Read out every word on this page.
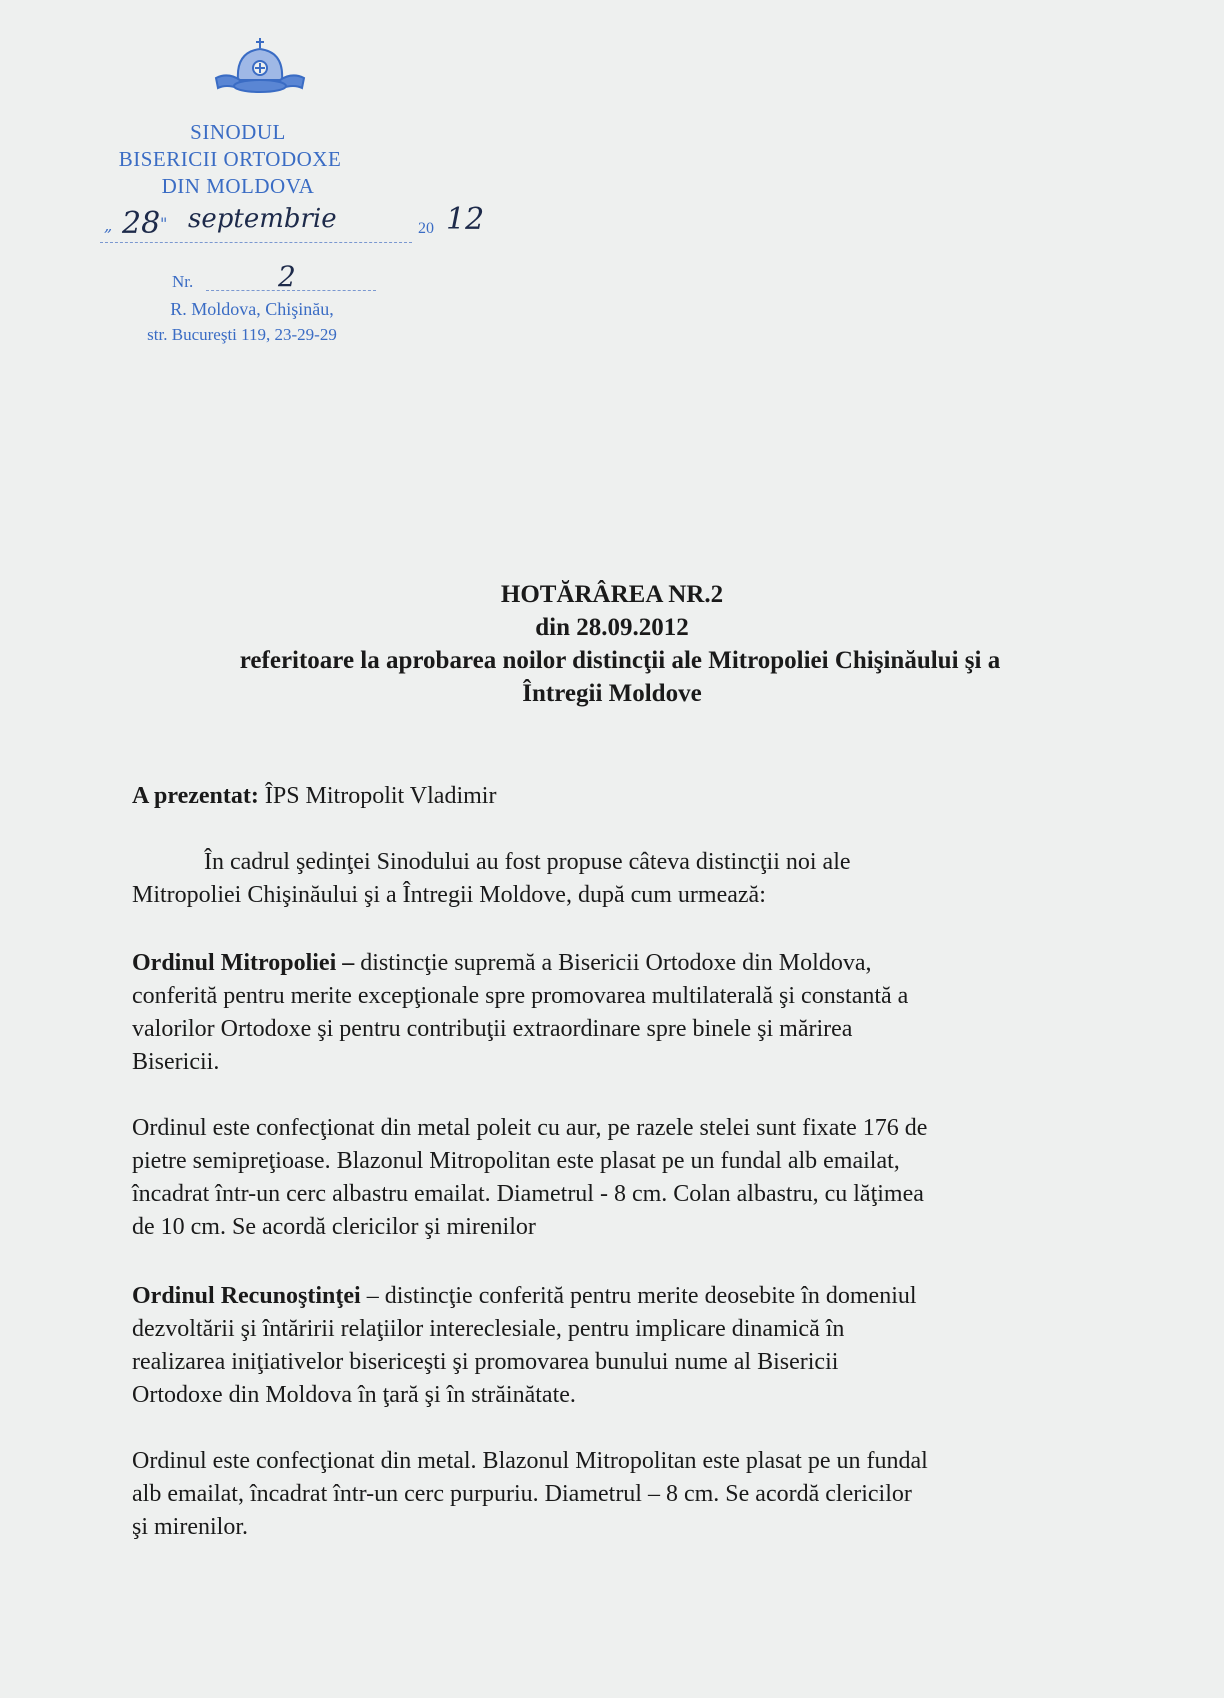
SINODUL
BISERICII ORTODOXE
DIN MOLDOVA
„ 28 " septembrie	20 12
Nr.	2
R. Moldova, Chişinău,
str. Bucureşti 119, 23-29-29
HOTĂRÂREA NR.2
din 28.09.2012
referitoare la aprobarea noilor distincţii ale Mitropoliei Chişinăului şi a
Întregii Moldove

A prezentat: ÎPS Mitropolit Vladimir

În cadrul şedinţei Sinodului au fost propuse câteva distincţii noi ale

Mitropoliei Chişinăului şi a Întregii Moldove, după cum urmează:

Ordinul Mitropoliei – distincţie supremă a Bisericii Ortodoxe din Moldova,

conferită pentru merite excepţionale spre promovarea multilaterală şi constantă a

valorilor Ortodoxe şi pentru contribuţii extraordinare spre binele şi mărirea

Bisericii.

Ordinul este confecţionat din metal poleit cu aur, pe razele stelei sunt fixate 176 de

pietre semipreţioase. Blazonul Mitropolitan este plasat pe un fundal alb emailat,

încadrat într-un cerc albastru emailat. Diametrul - 8 cm. Colan albastru, cu lăţimea

de 10 cm. Se acordă clericilor şi mirenilor

Ordinul Recunoştinţei – distincţie conferită pentru merite deosebite în domeniul

dezvoltării şi întăririi relaţiilor intereclesiale, pentru implicare dinamică în

realizarea iniţiativelor bisericeşti şi promovarea bunului nume al Bisericii

Ortodoxe din Moldova în ţară şi în străinătate.

Ordinul este confecţionat din metal. Blazonul Mitropolitan este plasat pe un fundal

alb emailat, încadrat într-un cerc purpuriu. Diametrul – 8 cm. Se acordă clericilor

şi mirenilor.
